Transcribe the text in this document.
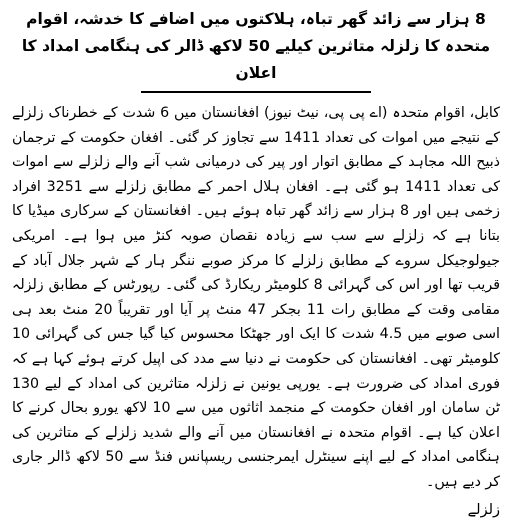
8 ہزار سے زائد گھر تباہ، ہلاکتوں میں اضافے کا خدشہ، اقوام متحدہ کا زلزلہ متاثرین کیلیے 50 لاکھ ڈالر کی ہنگامی امداد کا اعلان

کابل، اقوام متحدہ (اے پی پی، نیٹ نیوز) افغانستان میں 6 شدت کے خطرناک زلزلے کے نتیجے میں اموات کی تعداد 1411 سے تجاوز کر گئی۔ افغان حکومت کے ترجمان ذبیح اللہ مجاہد کے مطابق اتوار اور پیر کی درمیانی شب آنے والے زلزلے سے اموات کی تعداد 1411 ہو گئی ہے۔ افغان ہلال احمر کے مطابق زلزلے سے 3251 افراد زخمی ہیں اور 8 ہزار سے زائد گھر تباہ ہوئے ہیں۔ افغانستان کے سرکاری میڈیا کا بتانا ہے کہ زلزلے سے سب سے زیادہ نقصان صوبہ کنڑ میں ہوا ہے۔ امریکی جیولوجیکل سروے کے مطابق زلزلے کا مرکز صوبے ننگر ہار کے شہر جلال آباد کے قریب تھا اور اس کی گہرائی 8 کلومیٹر ریکارڈ کی گئی۔ رپورٹس کے مطابق زلزلہ مقامی وقت کے مطابق رات 11 بجکر 47 منٹ پر آیا اور تقریباً 20 منٹ بعد ہی اسی صوبے میں 4.5 شدت کا ایک اور جھٹکا محسوس کیا گیا جس کی گہرائی 10 کلومیٹر تھی۔ افغانستان کی حکومت نے دنیا سے مدد کی اپیل کرتے ہوئے کہا ہے کہ فوری امداد کی ضرورت ہے۔ یورپی یونین نے زلزلہ متاثرین کی امداد کے لیے 130 ٹن سامان اور افغان حکومت کے منجمد اثاثوں میں سے 10 لاکھ یورو بحال کرنے کا اعلان کیا ہے۔ اقوام متحدہ نے افغانستان میں آنے والے شدید زلزلے کے متاثرین کی ہنگامی امداد کے لیے اپنے سینٹرل ایمرجنسی ریسپانس فنڈ سے 50 لاکھ ڈالر جاری کر دیے ہیں۔

زلزلے
